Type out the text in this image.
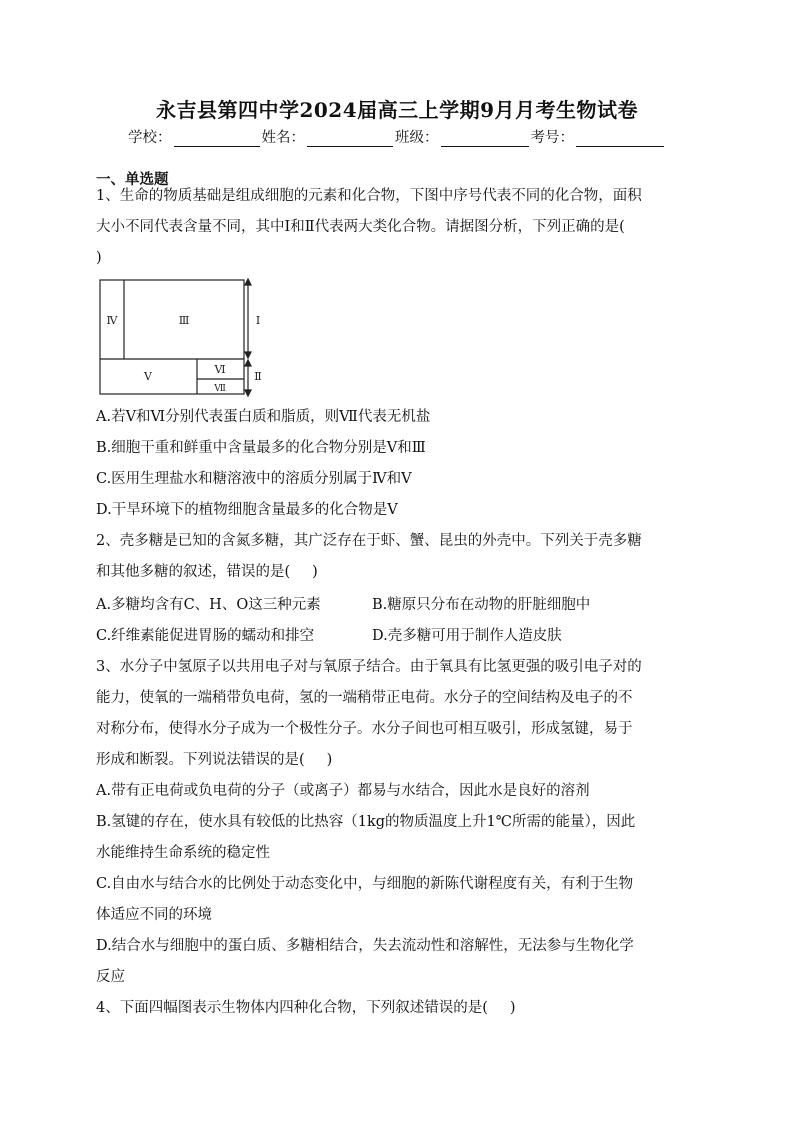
永吉县第四中学2024届高三上学期9月月考生物试卷
学校：	姓名：	班级：	考号：
一、单选题
1、生命的物质基础是组成细胞的元素和化合物，下图中序号代表不同的化合物，面积
大小不同代表含量不同，其中Ⅰ和Ⅱ代表两大类化合物。请据图分析，下列正确的是(
)
Ⅳ	Ⅲ
Ⅴ
Ⅵ
Ⅶ
Ⅰ
Ⅱ
A.若Ⅴ和Ⅵ分别代表蛋白质和脂质，则Ⅶ代表无机盐
B.细胞干重和鲜重中含量最多的化合物分别是Ⅴ和Ⅲ
C.医用生理盐水和糖溶液中的溶质分别属于Ⅳ和Ⅴ
D.干旱环境下的植物细胞含量最多的化合物是Ⅴ
2、壳多糖是已知的含氮多糖，其广泛存在于虾、蟹、昆虫的外壳中。下列关于壳多糖
和其他多糖的叙述，错误的是( )
A.多糖均含有C、H、O这三种元素	B.糖原只分布在动物的肝脏细胞中
C.纤维素能促进胃肠的蠕动和排空	D.壳多糖可用于制作人造皮肤
3、水分子中氢原子以共用电子对与氧原子结合。由于氧具有比氢更强的吸引电子对的
能力，使氧的一端稍带负电荷，氢的一端稍带正电荷。水分子的空间结构及电子的不
对称分布，使得水分子成为一个极性分子。水分子间也可相互吸引，形成氢键，易于
形成和断裂。下列说法错误的是( )
A.带有正电荷或负电荷的分子（或离子）都易与水结合，因此水是良好的溶剂
B.氢键的存在，使水具有较低的比热容（1kg的物质温度上升1℃所需的能量），因此
水能维持生命系统的稳定性
C.自由水与结合水的比例处于动态变化中，与细胞的新陈代谢程度有关，有利于生物
体适应不同的环境
D.结合水与细胞中的蛋白质、多糖相结合，失去流动性和溶解性，无法参与生物化学
反应
4、下面四幅图表示生物体内四种化合物，下列叙述错误的是( )
